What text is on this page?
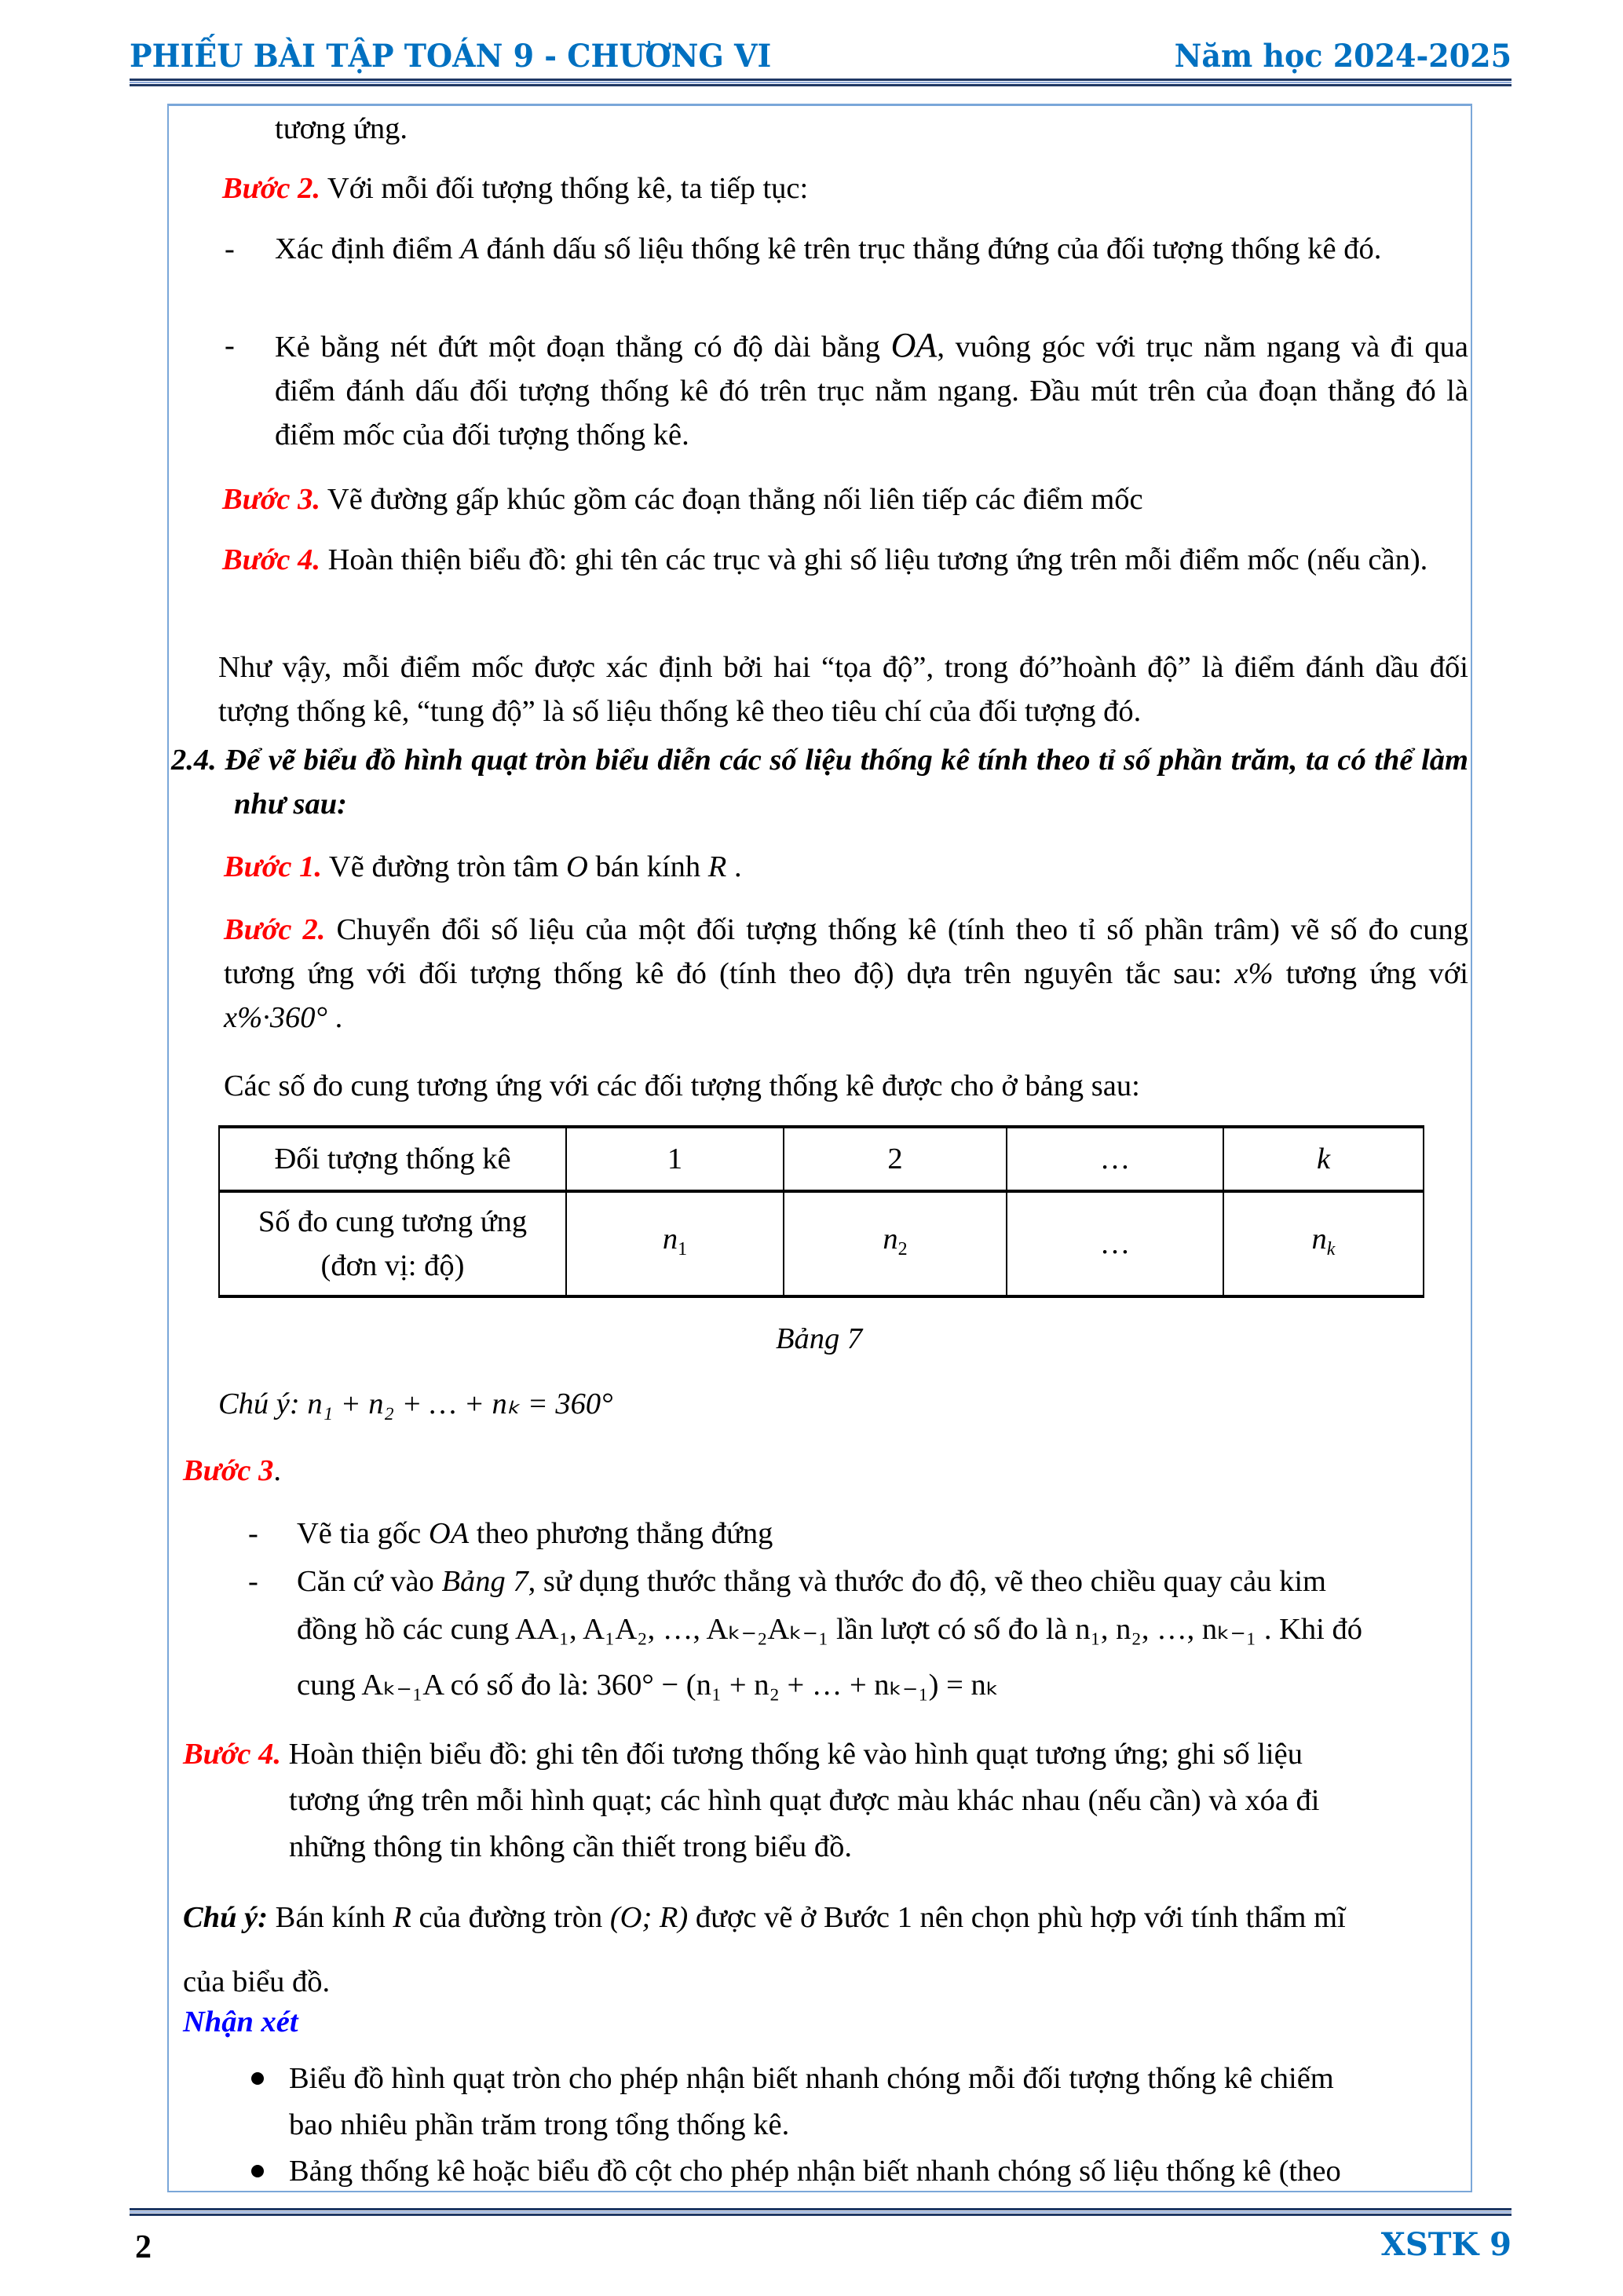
PHIẾU BÀI TẬP TOÁN 9 - CHƯƠNG VI	Năm học 2024-2025
tương ứng.
Bước 2. Với mỗi đối tượng thống kê, ta tiếp tục:
- Xác định điểm A đánh dấu số liệu thống kê trên trục thẳng đứng của đối tượng thống kê đó.
- Kẻ bằng nét đứt một đoạn thẳng có độ dài bằng OA, vuông góc với trục nằm ngang và đi qua điểm đánh dấu đối tượng thống kê đó trên trục nằm ngang. Đầu mút trên của đoạn thẳng đó là điểm mốc của đối tượng thống kê.
Bước 3. Vẽ đường gấp khúc gồm các đoạn thẳng nối liên tiếp các điểm mốc
Bước 4. Hoàn thiện biểu đồ: ghi tên các trục và ghi số liệu tương ứng trên mỗi điểm mốc (nếu cần).
Như vậy, mỗi điểm mốc được xác định bởi hai “tọa độ”, trong đó”hoành độ” là điểm đánh dầu đối tượng thống kê, “tung độ” là số liệu thống kê theo tiêu chí của đối tượng đó.
2.4. Để vẽ biểu đồ hình quạt tròn biểu diễn các số liệu thống kê tính theo tỉ số phần trăm, ta có thể làm như sau:
Bước 1. Vẽ đường tròn tâm O bán kính R .
Bước 2. Chuyển đổi số liệu của một đối tượng thống kê (tính theo tỉ số phần trâm) vẽ số đo cung tương ứng với đối tượng thống kê đó (tính theo độ) dựa trên nguyên tắc sau: x% tương ứng với x%·360° .
Các số đo cung tương ứng với các đối tượng thống kê được cho ở bảng sau:
Đối tượng thống kê	1	2	…	k

Số đo cung tương ứng
(đơn vị: độ)	$n_1$	$n_2$	…	$n_k$
Bảng 7
Chú ý: n₁ + n₂ + … + nₖ = 360°
Bước 3.
- Vẽ tia gốc OA theo phương thẳng đứng
- Căn cứ vào Bảng 7, sử dụng thước thẳng và thước đo độ, vẽ theo chiều quay cảu kim
đồng hồ các cung AA₁, A₁A₂, …, Aₖ₋₂Aₖ₋₁ lần lượt có số đo là n₁, n₂, …, nₖ₋₁ . Khi đó
cung Aₖ₋₁A có số đo là: 360° − (n₁ + n₂ + … + nₖ₋₁) = nₖ
Bước 4. Hoàn thiện biểu đồ: ghi tên đối tương thống kê vào hình quạt tương ứng; ghi số liệu
tương ứng trên mỗi hình quạt; các hình quạt được màu khác nhau (nếu cần) và xóa đi
những thông tin không cần thiết trong biểu đồ.
Chú ý: Bán kính R của đường tròn (O; R) được vẽ ở Bước 1 nên chọn phù hợp với tính thẩm mĩ
của biểu đồ.
Nhận xét
Biểu đồ hình quạt tròn cho phép nhận biết nhanh chóng mỗi đối tượng thống kê chiếm
bao nhiêu phần trăm trong tổng thống kê.
Bảng thống kê hoặc biểu đồ cột cho phép nhận biết nhanh chóng số liệu thống kê (theo
2	XSTK 9
